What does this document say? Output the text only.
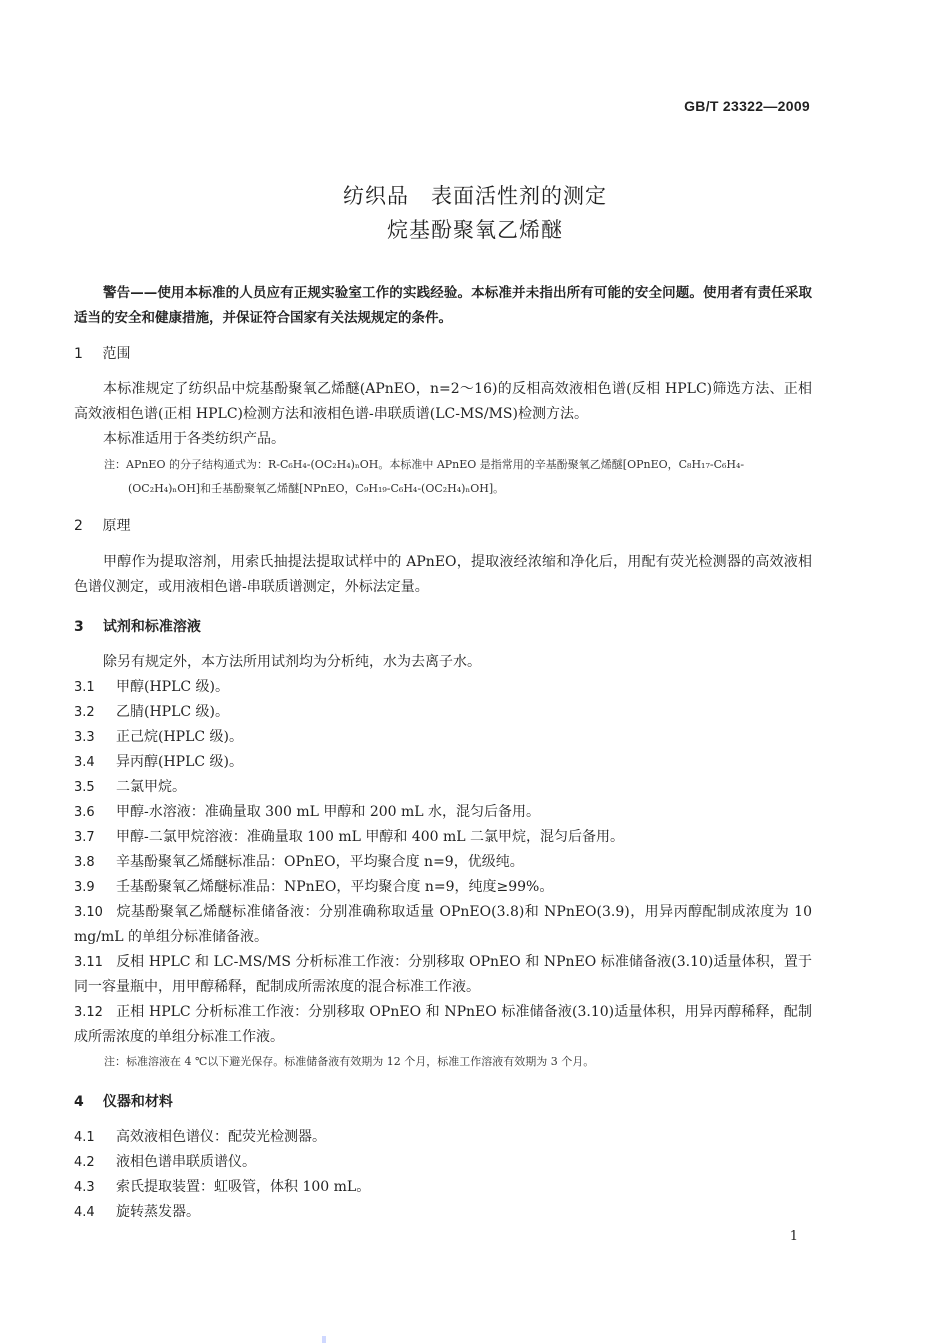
GB/T 23322—2009
纺织品　表面活性剂的测定
烷基酚聚氧乙烯醚
警告——使用本标准的人员应有正规实验室工作的实践经验。本标准并未指出所有可能的安全问题。使用者有责任采取适当的安全和健康措施，并保证符合国家有关法规规定的条件。
1 范围
本标准规定了纺织品中烷基酚聚氧乙烯醚(APnEO，n=2～16)的反相高效液相色谱(反相 HPLC)筛选方法、正相高效液相色谱(正相 HPLC)检测方法和液相色谱-串联质谱(LC-MS/MS)检测方法。
本标准适用于各类纺织产品。
注：APnEO 的分子结构通式为：R-C₆H₄-(OC₂H₄)ₙOH。本标准中 APnEO 是指常用的辛基酚聚氧乙烯醚[OPnEO，C₈H₁₇-C₆H₄-(OC₂H₄)ₙOH]和壬基酚聚氧乙烯醚[NPnEO，C₉H₁₉-C₆H₄-(OC₂H₄)ₙOH]。
2 原理
甲醇作为提取溶剂，用索氏抽提法提取试样中的 APnEO，提取液经浓缩和净化后，用配有荧光检测器的高效液相色谱仪测定，或用液相色谱-串联质谱测定，外标法定量。
3 试剂和标准溶液
除另有规定外，本方法所用试剂均为分析纯，水为去离子水。
3.1 甲醇(HPLC 级)。
3.2 乙腈(HPLC 级)。
3.3 正己烷(HPLC 级)。
3.4 异丙醇(HPLC 级)。
3.5 二氯甲烷。
3.6 甲醇-水溶液：准确量取 300 mL 甲醇和 200 mL 水，混匀后备用。
3.7 甲醇-二氯甲烷溶液：准确量取 100 mL 甲醇和 400 mL 二氯甲烷，混匀后备用。
3.8 辛基酚聚氧乙烯醚标准品：OPnEO，平均聚合度 n=9，优级纯。
3.9 壬基酚聚氧乙烯醚标准品：NPnEO，平均聚合度 n=9，纯度≥99%。
3.10 烷基酚聚氧乙烯醚标准储备液：分别准确称取适量 OPnEO(3.8)和 NPnEO(3.9)，用异丙醇配制成浓度为 10 mg/mL 的单组分标准储备液。
3.11 反相 HPLC 和 LC-MS/MS 分析标准工作液：分别移取 OPnEO 和 NPnEO 标准储备液(3.10)适量体积，置于同一容量瓶中，用甲醇稀释，配制成所需浓度的混合标准工作液。
3.12 正相 HPLC 分析标准工作液：分别移取 OPnEO 和 NPnEO 标准储备液(3.10)适量体积，用异丙醇稀释，配制成所需浓度的单组分标准工作液。
注：标准溶液在 4 ℃以下避光保存。标准储备液有效期为 12 个月，标准工作溶液有效期为 3 个月。
4 仪器和材料
4.1 高效液相色谱仪：配荧光检测器。
4.2 液相色谱串联质谱仪。
4.3 索氏提取装置：虹吸管，体积 100 mL。
4.4 旋转蒸发器。
1
